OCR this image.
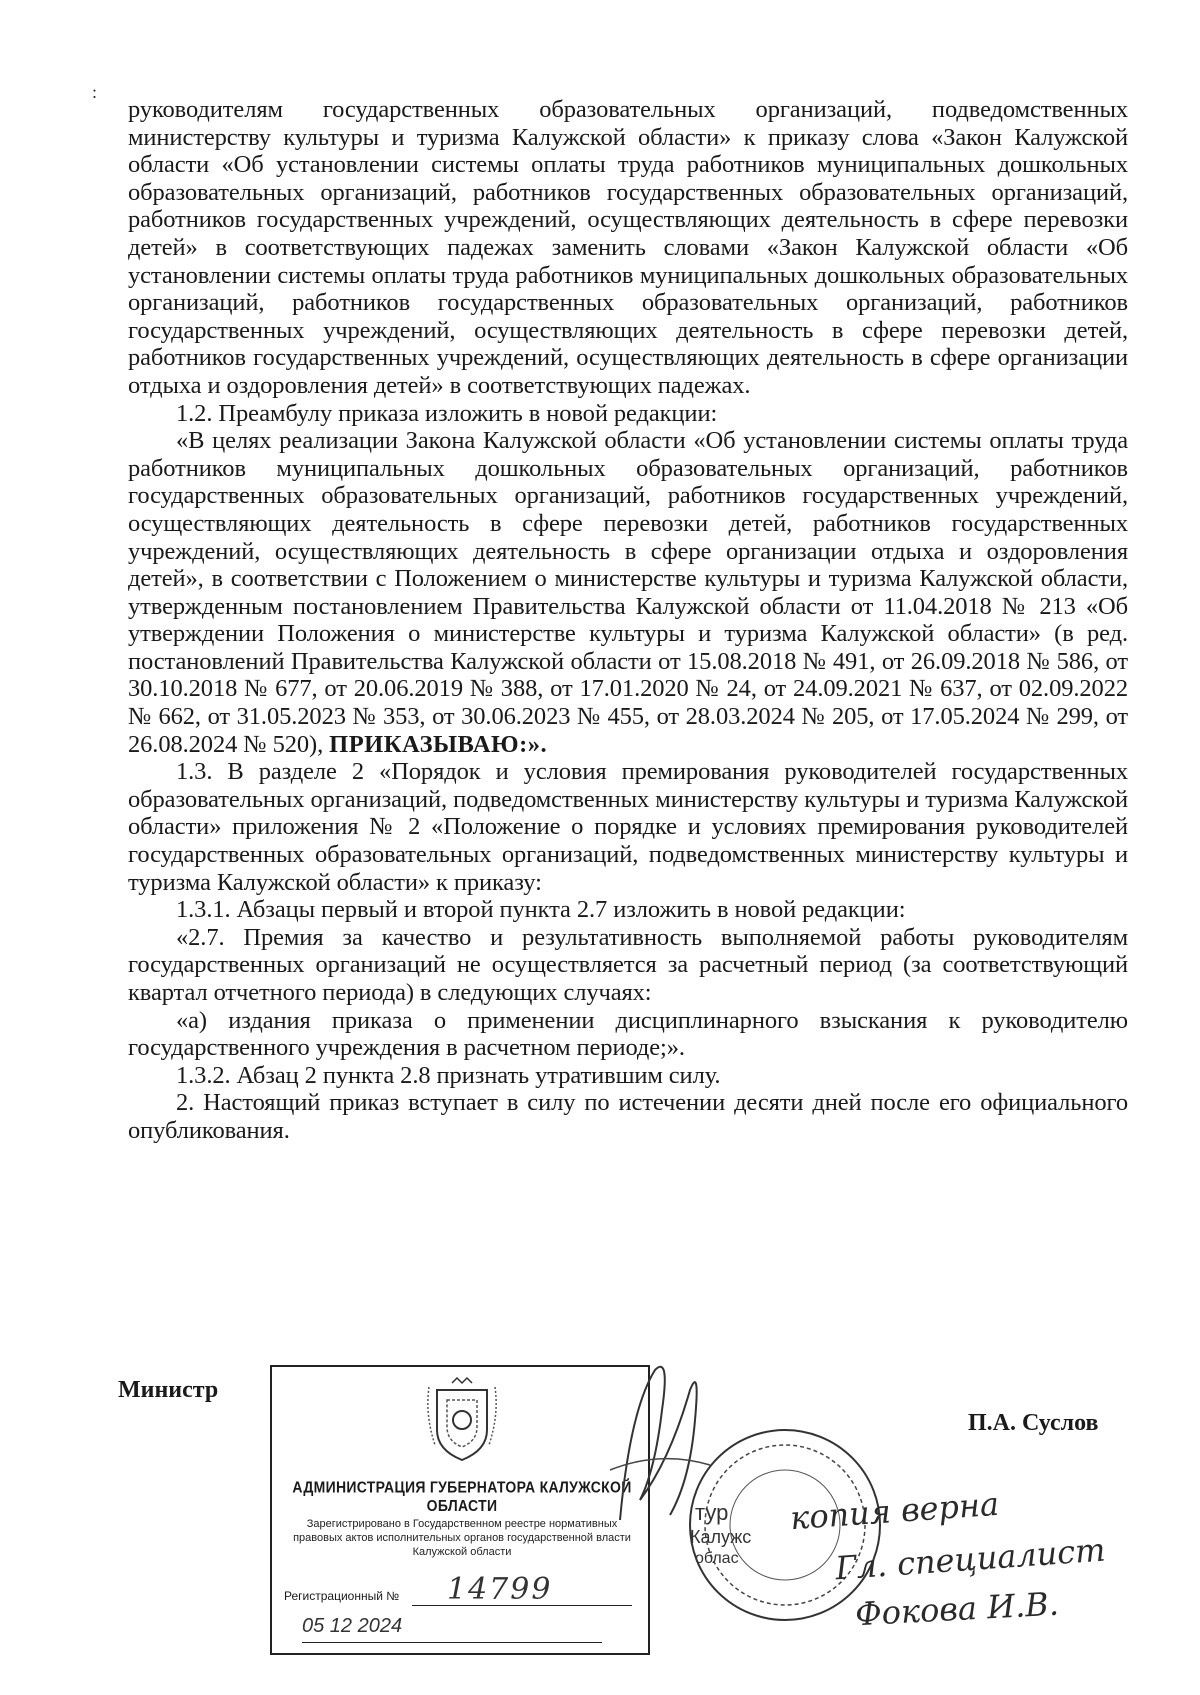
:

руководителям государственных образовательных организаций, подведомственных министерству культуры и туризма Калужской области» к приказу слова «Закон Калужской области «Об установлении системы оплаты труда работников муниципальных дошкольных образовательных организаций, работников государственных образовательных организаций, работников государственных учреждений, осуществляющих деятельность в сфере перевозки детей» в соответствующих падежах заменить словами «Закон Калужской области «Об установлении системы оплаты труда работников муниципальных дошкольных образовательных организаций, работников государственных образовательных организаций, работников государственных учреждений, осуществляющих деятельность в сфере перевозки детей, работников государственных учреждений, осуществляющих деятельность в сфере организации отдыха и оздоровления детей» в соответствующих падежах.

1.2. Преамбулу приказа изложить в новой редакции:

«В целях реализации Закона Калужской области «Об установлении системы оплаты труда работников муниципальных дошкольных образовательных организаций, работников государственных образовательных организаций, работников государственных учреждений, осуществляющих деятельность в сфере перевозки детей, работников государственных учреждений, осуществляющих деятельность в сфере организации отдыха и оздоровления детей», в соответствии с Положением о министерстве культуры и туризма Калужской области, утвержденным постановлением Правительства Калужской области от 11.04.2018 № 213 «Об утверждении Положения о министерстве культуры и туризма Калужской области» (в ред. постановлений Правительства Калужской области от 15.08.2018 № 491, от 26.09.2018 № 586, от 30.10.2018 № 677, от 20.06.2019 № 388, от 17.01.2020 № 24, от 24.09.2021 № 637, от 02.09.2022 № 662, от 31.05.2023 № 353, от 30.06.2023 № 455, от 28.03.2024 № 205, от 17.05.2024 № 299, от 26.08.2024 № 520), ПРИКАЗЫВАЮ:».

1.3. В разделе 2 «Порядок и условия премирования руководителей государственных образовательных организаций, подведомственных министерству культуры и туризма Калужской области» приложения № 2 «Положение о порядке и условиях премирования руководителей государственных образовательных организаций, подведомственных министерству культуры и туризма Калужской области» к приказу:

1.3.1. Абзацы первый и второй пункта 2.7 изложить в новой редакции:

«2.7. Премия за качество и результативность выполняемой работы руководителям государственных организаций не осуществляется за расчетный период (за соответствующий квартал отчетного периода) в следующих случаях:

«а) издания приказа о применении дисциплинарного взыскания к руководителю государственного учреждения в расчетном периоде;».

1.3.2. Абзац 2 пункта 2.8 признать утратившим силу.

2. Настоящий приказ вступает в силу по истечении десяти дней после его официального опубликования.

Министр
П.А. Суслов
АДМИНИСТРАЦИЯ ГУБЕРНАТОРА КАЛУЖСКОЙ ОБЛАСТИ
Зарегистрировано в Государственном реестре нормативных правовых актов исполнительных органов государственной власти Калужской области
Регистрационный № 14799
05 12 2024
тур
Калужс
облас
копия верна
Гл. специалист
Фокова И.В.
